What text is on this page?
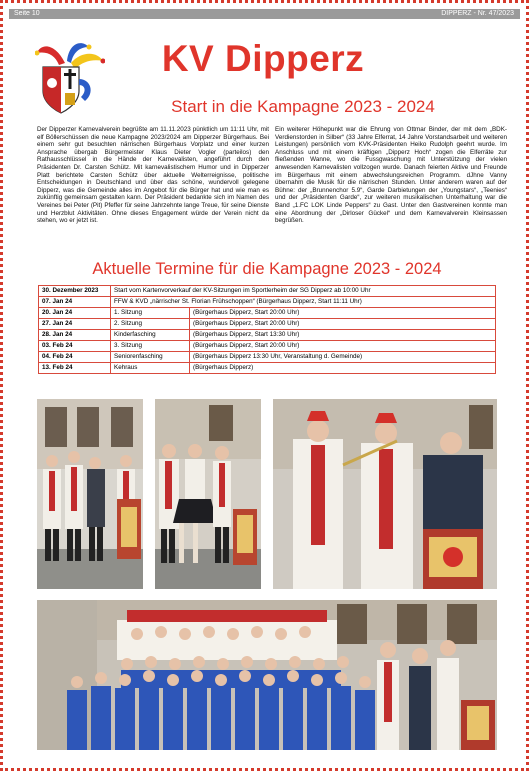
Seite 10	DIPPERZ - Nr. 47/2023
KV Dipperz
Start in die Kampagne 2023 - 2024
Der Dipperzer Karnevalverein begrüßte am 11.11.2023 pünktlich um 11:11 Uhr, mit elf Böllerschüssen die neue Kampagne 2023/2024 am Dipperzer Bürgerhaus. Bei einem sehr gut besuchten närrischen Bürgerhaus Vorplatz und einer kurzen Ansprache übergab Bürgermeister Klaus Dieter Vogler (parteilos) den Rathausschlüssel in die Hände der Karnevalisten, angeführt durch den Präsidenten Dr. Carsten Schütz. Mit karnevalistischem Humor und in Dipperzer Platt berichtete Carsten Schütz über aktuelle Welterreignisse, politische Entscheidungen in Deutschland und über das schöne, wundervoll gelegene Dipperz, was die Gemeinde alles im Angebot für die Bürger hat und wie man es zukünftig gemeinsam gestalten kann. Der Präsident bedankte sich im Namen des Vereines bei Peter (Pit) Pfeffer für seine Jahrzehnte lange Treue, für seine Dienste und Herzblut Aktivitäten. Ohne dieses Engagement würde der Verein nicht da stehen, wo er jetzt ist.
Ein weiterer Höhepunkt war die Ehrung von Ottmar Binder, der mit dem „BDK-Verdienstorden in Silber“ (33 Jahre Elferrat, 14 Jahre Vorstandsarbeit und weiteren Leistungen) persönlich vom KVK-Präsidenten Heiko Rudolph geehrt wurde. Im Anschluss und mit einem kräftigen „Dipperz Hoch“ zogen die Elferräte zur fließenden Wanne, wo die Fussgwaschung mit Unterstützung der vielen anwesenden Karnevalisten vollzogen wurde. Danach feierten Aktive und Freunde im Bürgerhaus mit einem abwechslungsreichen Programm. dJhne Vanny übernahm die Musik für die närrischen Stunden. Unter anderem waren auf der Bühne: der „Brunnenchor 5.9“, Garde Darbietungen der „Youngstars“, „Teenies“ und der „Präsidenten Garde“, zur weiteren musikalischen Unterhaltung war die Band „1.FC LOK Linde Peppers“ zu Gast. Unter den Gastvereinen konnte man eine Abordnung der „Dirloser Gückel“ und dem Karnevalverein Kleinsassen begrüßen.
Aktuelle Termine für die Kampagne 2023 - 2024
30. Dezember 2023	Start vom Kartenvorverkauf der KV-Sitzungen im Sportlerheim der SG Dipperz ab 10:00 Uhr	
07. Jan 24	FFW & KVD „närrischer St. Florian Frühschoppen“ (Bürgerhaus Dipperz, Start 11:11 Uhr)	
20. Jan 24	1. Sitzung	(Bürgerhaus Dipperz, Start 20:00 Uhr)
27. Jan 24	2. Sitzung	(Bürgerhaus Dipperz, Start 20:00 Uhr)
28. Jan 24	Kinderfasching	(Bürgerhaus Dipperz, Start 13:30 Uhr)
03. Feb 24	3. Sitzung	(Bürgerhaus Dipperz, Start 20:00 Uhr)
04. Feb 24	Seniorenfasching	(Bürgerhaus Dipperz 13:30 Uhr, Veranstaltung d. Gemeinde)
13. Feb 24	Kehraus	(Bürgerhaus Dipperz)
